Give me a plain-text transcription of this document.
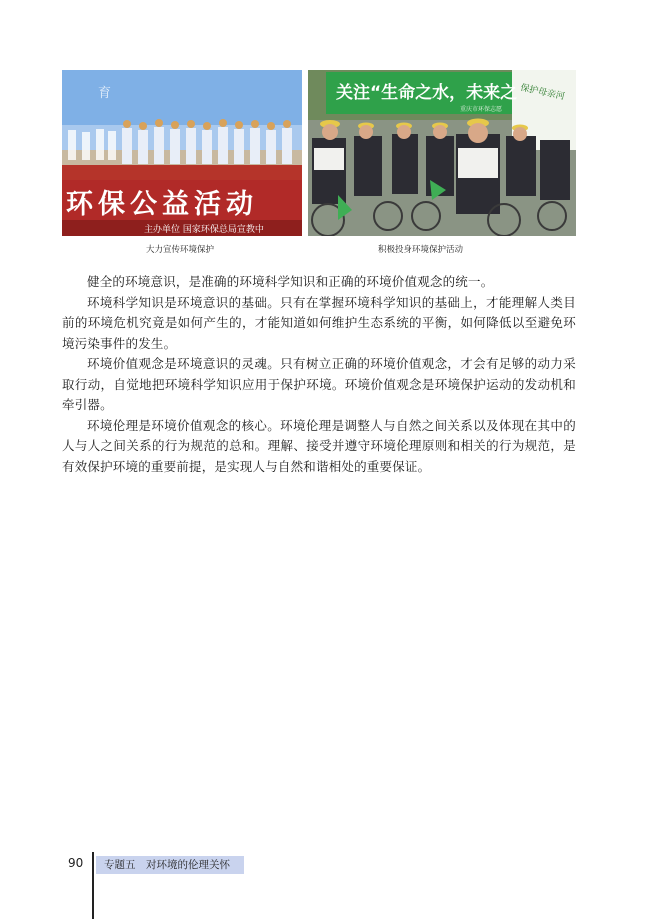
育
环保公益活动
主办单位 国家环保总局宣教中
关注“生命之水，未来之
重庆市环保志愿
保护母亲河
大力宣传环境保护	积极投身环境保护活动

健全的环境意识，是准确的环境科学知识和正确的环境价值观念的统一。

环境科学知识是环境意识的基础。只有在掌握环境科学知识的基础上，才能理解人类目前的环境危机究竟是如何产生的，才能知道如何维护生态系统的平衡，如何降低以至避免环境污染事件的发生。

环境价值观念是环境意识的灵魂。只有树立正确的环境价值观念，才会有足够的动力采取行动，自觉地把环境科学知识应用于保护环境。环境价值观念是环境保护运动的发动机和牵引器。

环境伦理是环境价值观念的核心。环境伦理是调整人与自然之间关系以及体现在其中的人与人之间关系的行为规范的总和。理解、接受并遵守环境伦理原则和相关的行为规范，是有效保护环境的重要前提，是实现人与自然和谐相处的重要保证。

90	专题五　对环境的伦理关怀
